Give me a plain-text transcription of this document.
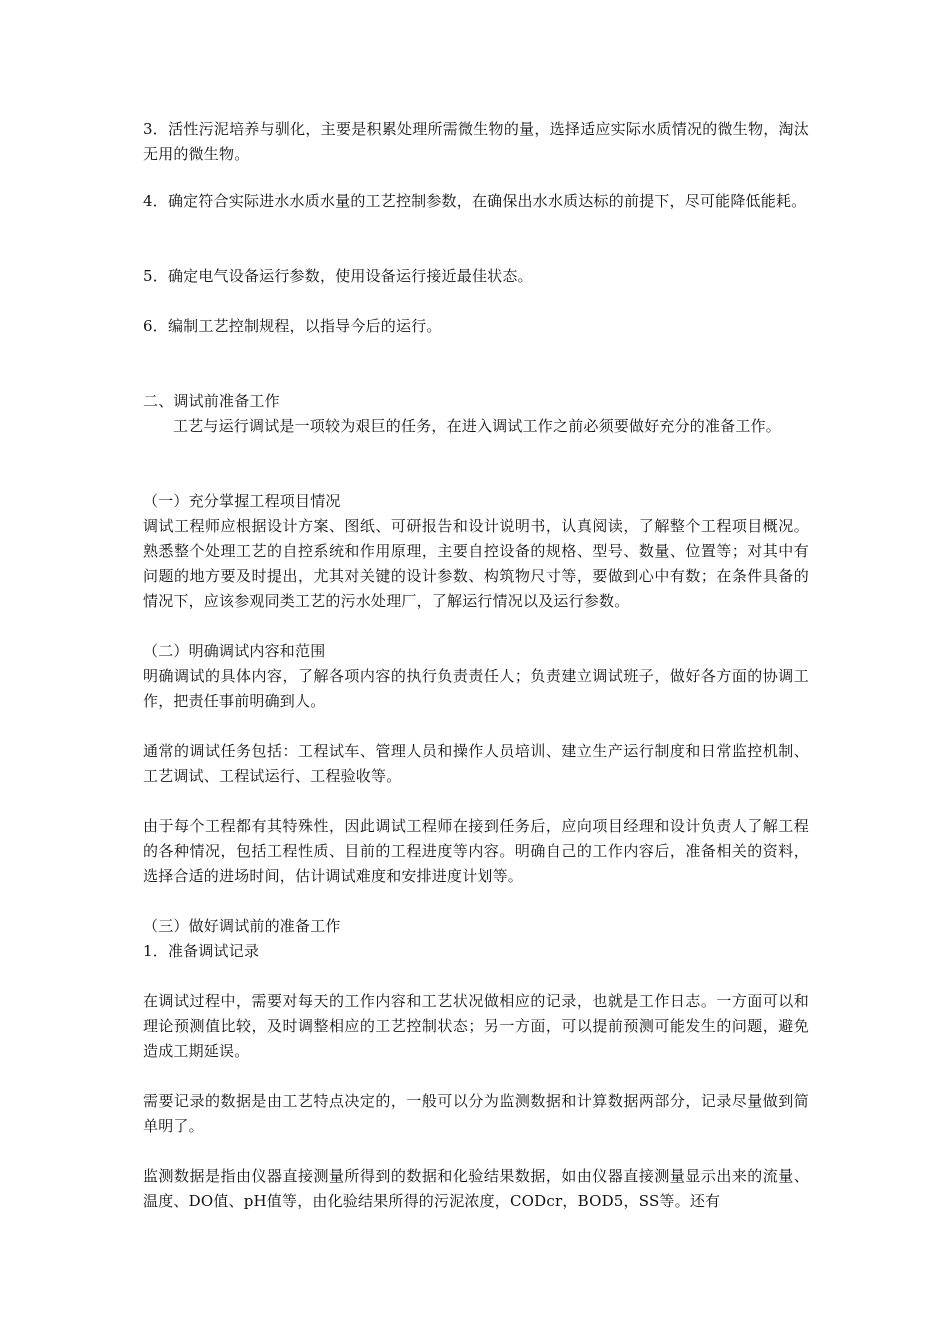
3．活性污泥培养与驯化，主要是积累处理所需微生物的量，选择适应实际水质情况的微生物，淘汰无用的微生物。

4．确定符合实际进水水质水量的工艺控制参数，在确保出水水质达标的前提下，尽可能降低能耗。

5．确定电气设备运行参数，使用设备运行接近最佳状态。

6．编制工艺控制规程，以指导今后的运行。

二、调试前准备工作

工艺与运行调试是一项较为艰巨的任务，在进入调试工作之前必须要做好充分的准备工作。

（一）充分掌握工程项目情况

调试工程师应根据设计方案、图纸、可研报告和设计说明书，认真阅读，了解整个工程项目概况。熟悉整个处理工艺的自控系统和作用原理，主要自控设备的规格、型号、数量、位置等；对其中有问题的地方要及时提出，尤其对关键的设计参数、构筑物尺寸等，要做到心中有数；在条件具备的情况下，应该参观同类工艺的污水处理厂，了解运行情况以及运行参数。

（二）明确调试内容和范围

明确调试的具体内容，了解各项内容的执行负责责任人；负责建立调试班子，做好各方面的协调工作，把责任事前明确到人。

通常的调试任务包括：工程试车、管理人员和操作人员培训、建立生产运行制度和日常监控机制、工艺调试、工程试运行、工程验收等。

由于每个工程都有其特殊性，因此调试工程师在接到任务后，应向项目经理和设计负责人了解工程的各种情况，包括工程性质、目前的工程进度等内容。明确自己的工作内容后，准备相关的资料，选择合适的进场时间，估计调试难度和安排进度计划等。

（三）做好调试前的准备工作

1．准备调试记录

在调试过程中，需要对每天的工作内容和工艺状况做相应的记录，也就是工作日志。一方面可以和理论预测值比较，及时调整相应的工艺控制状态；另一方面，可以提前预测可能发生的问题，避免造成工期延误。

需要记录的数据是由工艺特点决定的，一般可以分为监测数据和计算数据两部分，记录尽量做到简单明了。

监测数据是指由仪器直接测量所得到的数据和化验结果数据，如由仪器直接测量显示出来的流量、温度、DO值、pH值等，由化验结果所得的污泥浓度，CODcr，BOD5，SS等。还有
